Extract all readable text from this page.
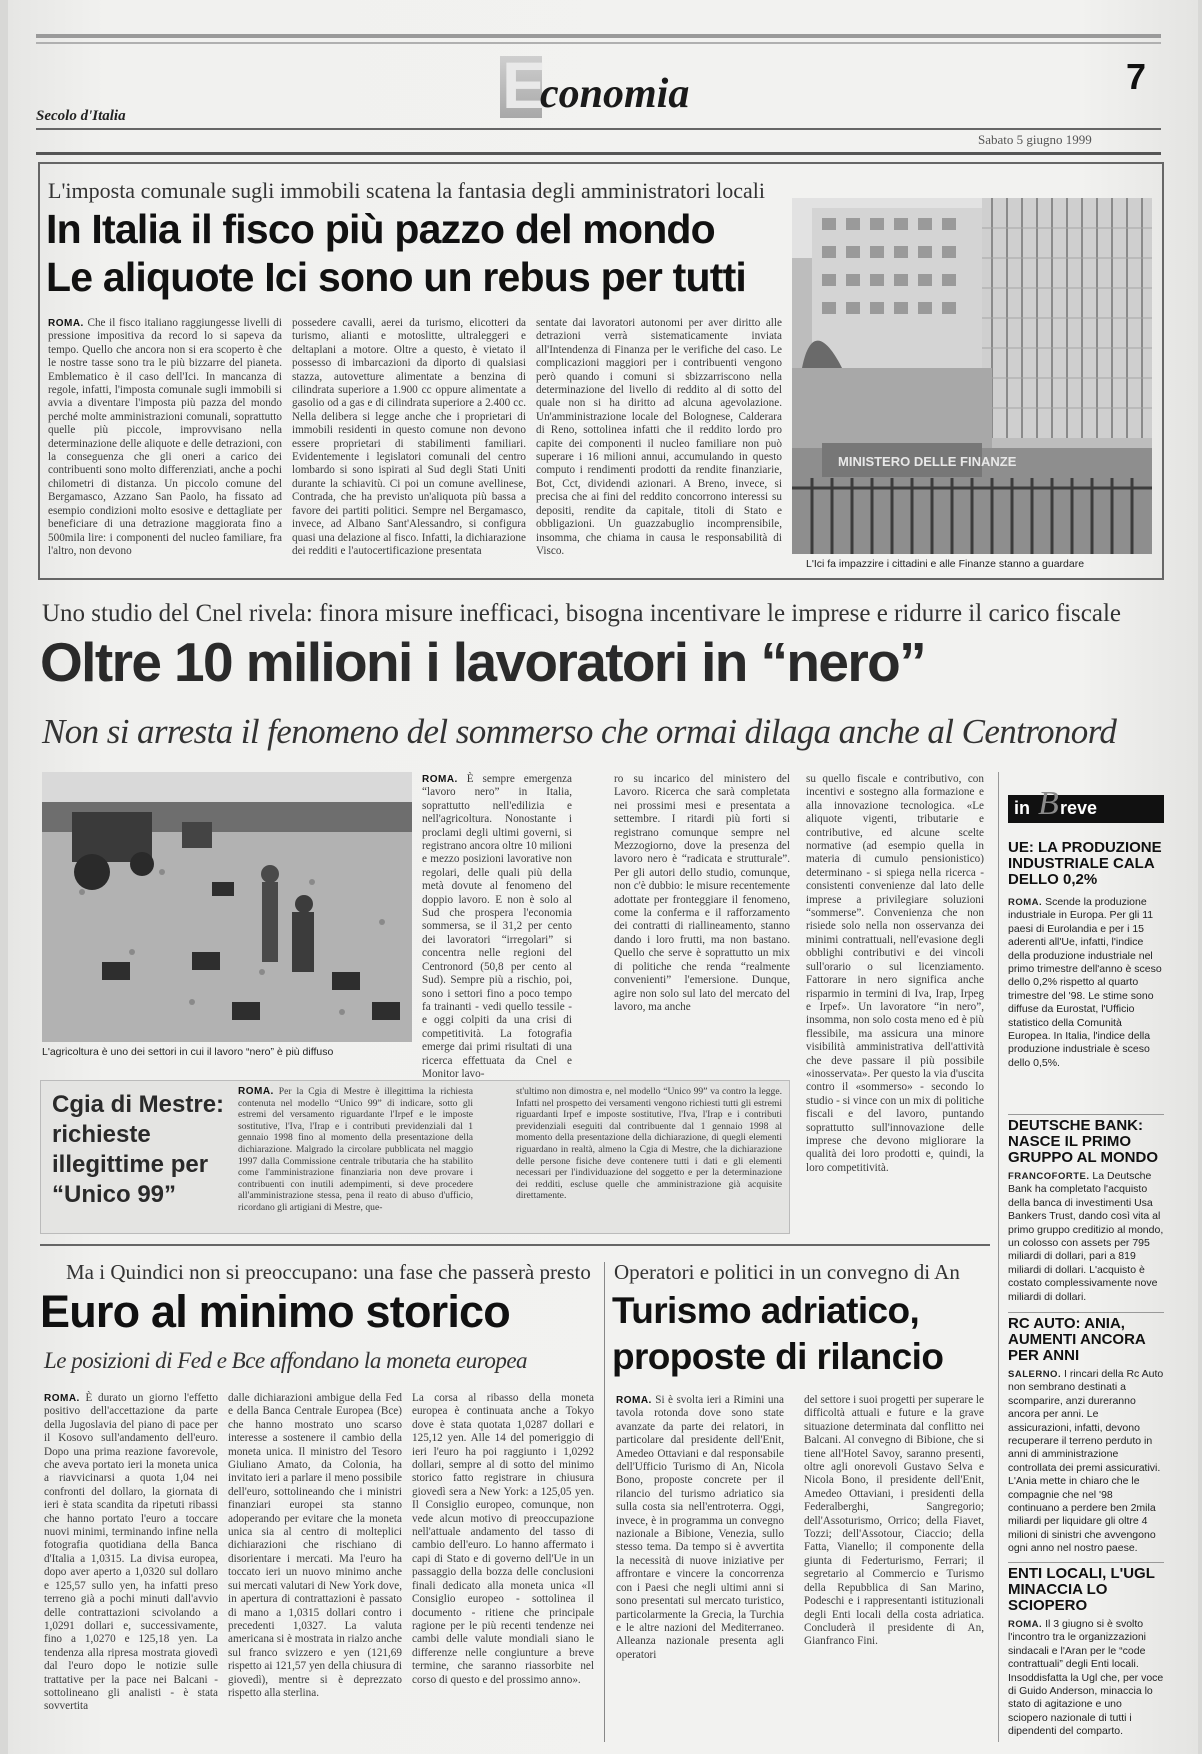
Secolo d'Italia	E
conomia	7
Sabato 5 giugno 1999
L'imposta comunale sugli immobili scatena la fantasia degli amministratori locali
In Italia il fisco più pazzo del mondo
Le aliquote Ici sono un rebus per tutti
ROMA. Che il fisco italiano raggiungesse livelli di pressione impositiva da record lo si sapeva da tempo. Quello che ancora non si era scoperto è che le nostre tasse sono tra le più bizzarre del pianeta. Emblematico è il caso dell'Ici. In mancanza di regole, infatti, l'imposta comunale sugli immobili si avvia a diventare l'imposta più pazza del mondo perché molte amministrazioni comunali, soprattutto quelle più piccole, improvvisano nella determinazione delle aliquote e delle detrazioni, con la conseguenza che gli oneri a carico dei contribuenti sono molto differenziati, anche a pochi chilometri di distanza. Un piccolo comune del Bergamasco, Azzano San Paolo, ha fissato ad esempio condizioni molto esosive e dettagliate per beneficiare di una detrazione maggiorata fino a 500mila lire: i componenti del nucleo familiare, fra l'altro, non devono
possedere cavalli, aerei da turismo, elicotteri da turismo, alianti e motoslitte, ultraleggeri e deltaplani a motore. Oltre a questo, è vietato il possesso di imbarcazioni da diporto di qualsiasi stazza, autovetture alimentate a benzina di cilindrata superiore a 1.900 cc oppure alimentate a gasolio od a gas e di cilindrata superiore a 2.400 cc. Nella delibera si legge anche che i proprietari di immobili residenti in questo comune non devono essere proprietari di stabilimenti familiari. Evidentemente i legislatori comunali del centro lombardo si sono ispirati al Sud degli Stati Uniti durante la schiavitù. Ci poi un comune avellinese, Contrada, che ha previsto un'aliquota più bassa a favore dei partiti politici. Sempre nel Bergamasco, invece, ad Albano Sant'Alessandro, si configura quasi una delazione al fisco. Infatti, la dichiarazione dei redditi e l'autocertificazione presentata
sentate dai lavoratori autonomi per aver diritto alle detrazioni verrà sistematicamente inviata all'Intendenza di Finanza per le verifiche del caso. Le complicazioni maggiori per i contribuenti vengono però quando i comuni si sbizzarriscono nella determinazione del livello di reddito al di sotto del quale non si ha diritto ad alcuna agevolazione. Un'amministrazione locale del Bolognese, Calderara di Reno, sottolinea infatti che il reddito lordo pro capite dei componenti il nucleo familiare non può superare i 16 milioni annui, accumulando in questo computo i rendimenti prodotti da rendite finanziarie, Bot, Cct, dividendi azionari. A Breno, invece, si precisa che ai fini del reddito concorrono interessi su depositi, rendite da capitale, titoli di Stato e obbligazioni. Un guazzabuglio incomprensibile, insomma, che chiama in causa le responsabilità di Visco.
MINISTERO DELLE FINANZE
L'Ici fa impazzire i cittadini e alle Finanze stanno a guardare
Uno studio del Cnel rivela: finora misure inefficaci, bisogna incentivare le imprese e ridurre il carico fiscale
Oltre 10 milioni i lavoratori in “nero”
Non si arresta il fenomeno del sommerso che ormai dilaga anche al Centronord
L'agricoltura è uno dei settori in cui il lavoro “nero” è più diffuso
ROMA. È sempre emergenza “lavoro nero” in Italia, soprattutto nell'edilizia e nell'agricoltura. Nonostante i proclami degli ultimi governi, si registrano ancora oltre 10 milioni e mezzo posizioni lavorative non regolari, delle quali più della metà dovute al fenomeno del doppio lavoro. E non è solo al Sud che prospera l'economia sommersa, se il 31,2 per cento dei lavoratori “irregolari” si concentra nelle regioni del Centronord (50,8 per cento al Sud). Sempre più a rischio, poi, sono i settori fino a poco tempo fa trainanti - vedi quello tessile - e oggi colpiti da una crisi di competitività. La fotografia emerge dai primi risultati di una ricerca effettuata da Cnel e Monitor lavo-
ro su incarico del ministero del Lavoro. Ricerca che sarà completata nei prossimi mesi e presentata a settembre. I ritardi più forti si registrano comunque sempre nel Mezzogiorno, dove la presenza del lavoro nero è “radicata e strutturale”. Per gli autori dello studio, comunque, non c'è dubbio: le misure recentemente adottate per fronteggiare il fenomeno, come la conferma e il rafforzamento dei contratti di riallineamento, stanno dando i loro frutti, ma non bastano. Quello che serve è soprattutto un mix di politiche che renda “realmente convenienti” l'emersione. Dunque, agire non solo sul lato del mercato del lavoro, ma anche
su quello fiscale e contributivo, con incentivi e sostegno alla formazione e alla innovazione tecnologica. «Le aliquote vigenti, tributarie e contributive, ed alcune scelte normative (ad esempio quella in materia di cumulo pensionistico) determinano - si spiega nella ricerca - consistenti convenienze dal lato delle imprese a privilegiare soluzioni “sommerse”. Convenienza che non risiede solo nella non osservanza dei minimi contrattuali, nell'evasione degli obblighi contributivi e dei vincoli sull'orario o sul licenziamento. Fattorare in nero significa anche risparmio in termini di Iva, Irap, Irpeg e Irpef». Un lavoratore “in nero”, insomma, non solo costa meno ed è più flessibile, ma assicura una minore visibilità amministrativa dell'attività che deve passare il più possibile «inosservata». Per questo la via d'uscita contro il «sommerso» - secondo lo studio - si vince con un mix di politiche fiscali e del lavoro, puntando soprattutto sull'innovazione delle imprese che devono migliorare la qualità dei loro prodotti e, quindi, la loro competitività.
Cgia di Mestre: richieste illegittime per “Unico 99”
ROMA. Per la Cgia di Mestre è illegittima la richiesta contenuta nel modello “Unico 99” di indicare, sotto gli estremi del versamento riguardante l'Irpef e le imposte sostitutive, l'Iva, l'Irap e i contributi previdenziali dal 1 gennaio 1998 fino al momento della presentazione della dichiarazione. Malgrado la circolare pubblicata nel maggio 1997 dalla Commissione centrale tributaria che ha stabilito come l'amministrazione finanziaria non deve provare i contribuenti con inutili adempimenti, si deve procedere all'amministrazione stessa, pena il reato di abuso d'ufficio, ricordano gli artigiani di Mestre, que-
st'ultimo non dimostra e, nel modello “Unico 99” va contro la legge. Infatti nel prospetto dei versamenti vengono richiesti tutti gli estremi riguardanti Irpef e imposte sostitutive, l'Iva, l'Irap e i contributi previdenziali eseguiti dal contribuente dal 1 gennaio 1998 al momento della presentazione della dichiarazione, di quegli elementi riguardano in realtà, almeno la Cgia di Mestre, che la dichiarazione delle persone fisiche deve contenere tutti i dati e gli elementi necessari per l'individuazione del soggetto e per la determinazione dei redditi, escluse quelle che amministrazione già acquisite direttamente.
Ma i Quindici non si preoccupano: una fase che passerà presto
Euro al minimo storico
Le posizioni di Fed e Bce affondano la moneta europea
ROMA. È durato un giorno l'effetto positivo dell'accettazione da parte della Jugoslavia del piano di pace per il Kosovo sull'andamento dell'euro. Dopo una prima reazione favorevole, che aveva portato ieri la moneta unica a riavvicinarsi a quota 1,04 nei confronti del dollaro, la giornata di ieri è stata scandita da ripetuti ribassi che hanno portato l'euro a toccare nuovi minimi, terminando infine nella fotografia quotidiana della Banca d'Italia a 1,0315. La divisa europea, dopo aver aperto a 1,0320 sul dollaro e 125,57 sullo yen, ha infatti preso terreno già a pochi minuti dall'avvio delle contrattazioni scivolando a 1,0291 dollari e, successivamente, fino a 1,0270 e 125,18 yen. La tendenza alla ripresa mostrata giovedì dal l'euro dopo le notizie sulle trattative per la pace nei Balcani - sottolineano gli analisti - è stata sovvertita
dalle dichiarazioni ambigue della Fed e della Banca Centrale Europea (Bce) che hanno mostrato uno scarso interesse a sostenere il cambio della moneta unica. Il ministro del Tesoro Giuliano Amato, da Colonia, ha invitato ieri a parlare il meno possibile dell'euro, sottolineando che i ministri finanziari europei sta stanno adoperando per evitare che la moneta unica sia al centro di molteplici dichiarazioni che rischiano di disorientare i mercati. Ma l'euro ha toccato ieri un nuovo minimo anche sui mercati valutari di New York dove, in apertura di contrattazioni è passato di mano a 1,0315 dollari contro i precedenti 1,0327. La valuta americana si è mostrata in rialzo anche sul franco svizzero e yen (121,69 rispetto ai 121,57 yen della chiusura di giovedì), mentre si è deprezzato rispetto alla sterlina.
La corsa al ribasso della moneta europea è continuata anche a Tokyo dove è stata quotata 1,0287 dollari e 125,12 yen. Alle 14 del pomeriggio di ieri l'euro ha poi raggiunto i 1,0292 dollari, sempre al di sotto del minimo storico fatto registrare in chiusura giovedì sera a New York: a 125,05 yen. Il Consiglio europeo, comunque, non vede alcun motivo di preoccupazione nell'attuale andamento del tasso di cambio dell'euro. Lo hanno affermato i capi di Stato e di governo dell'Ue in un passaggio della bozza delle conclusioni finali dedicato alla moneta unica «Il Consiglio europeo - sottolinea il documento - ritiene che principale ragione per le più recenti tendenze nei cambi delle valute mondiali siano le differenze nelle congiunture a breve termine, che saranno riassorbite nel corso di questo e del prossimo anno».
Operatori e politici in un convegno di An
Turismo adriatico,
proposte di rilancio
ROMA. Si è svolta ieri a Rimini una tavola rotonda dove sono state avanzate da parte dei relatori, in particolare dal presidente dell'Enit, Amedeo Ottaviani e dal responsabile dell'Ufficio Turismo di An, Nicola Bono, proposte concrete per il rilancio del turismo adriatico sia sulla costa sia nell'entroterra. Oggi, invece, è in programma un convegno nazionale a Bibione, Venezia, sullo stesso tema. Da tempo si è avvertita la necessità di nuove iniziative per affrontare e vincere la concorrenza con i Paesi che negli ultimi anni si sono presentati sul mercato turistico, particolarmente la Grecia, la Turchia e le altre nazioni del Mediterraneo. Alleanza nazionale presenta agli operatori
del settore i suoi progetti per superare le difficoltà attuali e future e la grave situazione determinata dal conflitto nei Balcani. Al convegno di Bibione, che si tiene all'Hotel Savoy, saranno presenti, oltre agli onorevoli Gustavo Selva e Nicola Bono, il presidente dell'Enit, Amedeo Ottaviani, i presidenti della Federalberghi, Sangregorio; dell'Assoturismo, Orrico; della Fiavet, Tozzi; dell'Assotour, Ciaccio; della Fatta, Vianello; il componente della giunta di Federturismo, Ferrari; il segretario al Commercio e Turismo della Repubblica di San Marino, Podeschi e i rappresentanti istituzionali degli Enti locali della costa adriatica. Concluderà il presidente di An, Gianfranco Fini.
in B reve
UE: LA PRODUZIONE INDUSTRIALE CALA DELLO 0,2%
ROMA. Scende la produzione industriale in Europa. Per gli 11 paesi di Eurolandia e per i 15 aderenti all'Ue, infatti, l'indice della produzione industriale nel primo trimestre dell'anno è sceso dello 0,2% rispetto al quarto trimestre del '98. Le stime sono diffuse da Eurostat, l'Ufficio statistico della Comunità Europea. In Italia, l'indice della produzione industriale è sceso dello 0,5%.
DEUTSCHE BANK: NASCE IL PRIMO GRUPPO AL MONDO
FRANCOFORTE. La Deutsche Bank ha completato l'acquisto della banca di investimenti Usa Bankers Trust, dando così vita al primo gruppo creditizio al mondo, un colosso con assets per 795 miliardi di dollari, pari a 819 miliardi di dollari. L'acquisto è costato complessivamente nove miliardi di dollari.
RC AUTO: ANIA, AUMENTI ANCORA PER ANNI
SALERNO. I rincari della Rc Auto non sembrano destinati a scomparire, anzi dureranno ancora per anni. Le assicurazioni, infatti, devono recuperare il terreno perduto in anni di amministrazione controllata dei premi assicurativi. L'Ania mette in chiaro che le compagnie che nel '98 continuano a perdere ben 2mila miliardi per liquidare gli oltre 4 milioni di sinistri che avvengono ogni anno nel nostro paese.
ENTI LOCALI, L'UGL MINACCIA LO SCIOPERO
ROMA. Il 3 giugno si è svolto l'incontro tra le organizzazioni sindacali e l'Aran per le “code contrattuali” degli Enti locali. Insoddisfatta la Ugl che, per voce di Guido Anderson, minaccia lo stato di agitazione e uno sciopero nazionale di tutti i dipendenti del comparto.
